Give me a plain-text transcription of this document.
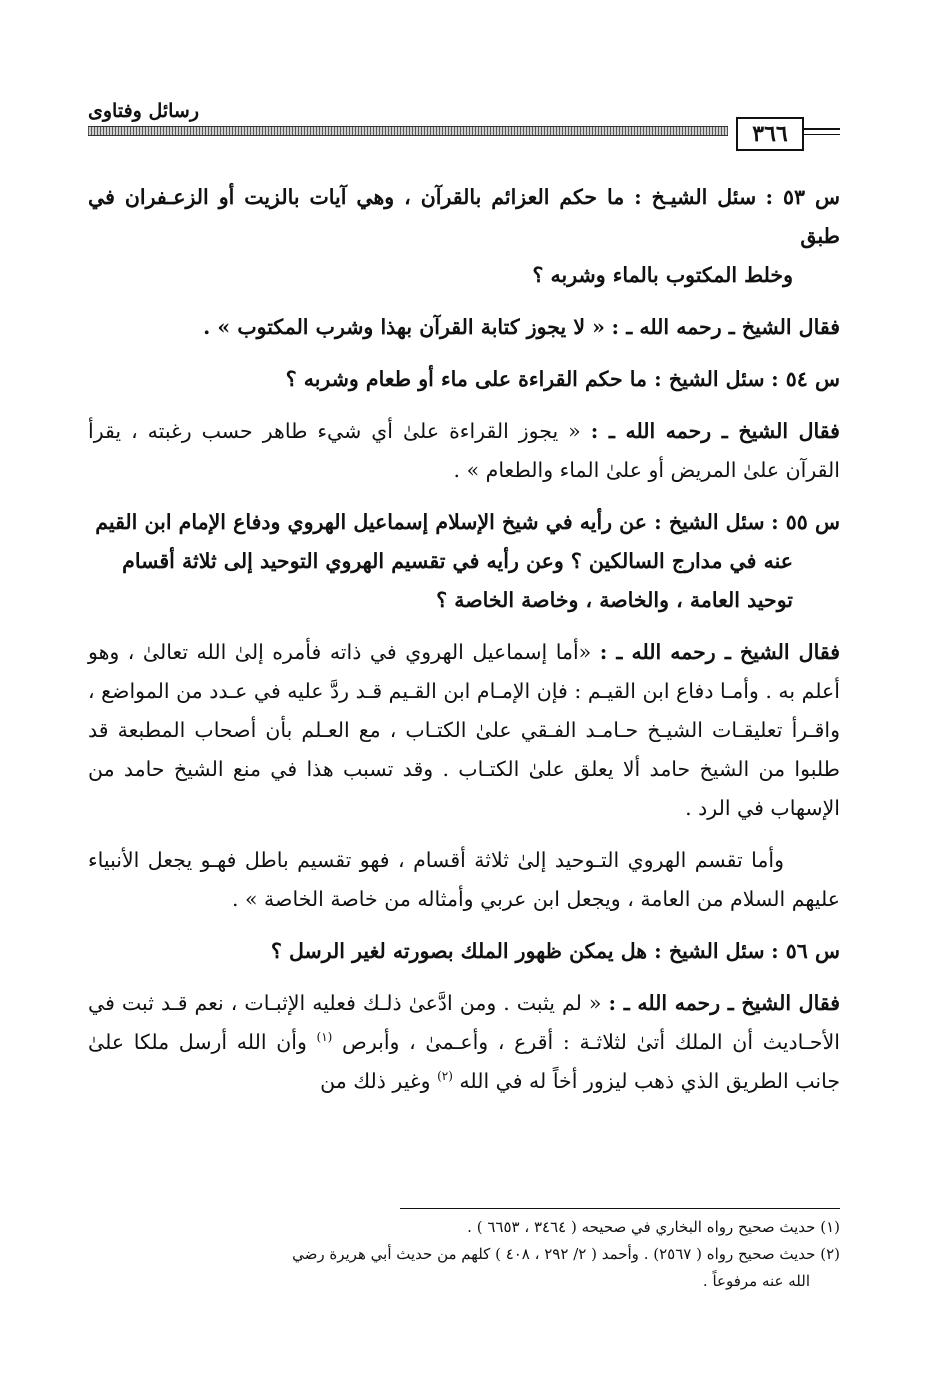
رسائل وفتاوى
٣٦٦

س ٥٣ : سئل الشيـخ : ما حكم العزائم بالقرآن ، وهي آيات بالزيت أو الزعـفران في طبق
وخلط المكتوب بالماء وشربه ؟

فقال الشيخ ـ رحمه الله ـ : « لا يجوز كتابة القرآن بهذا وشرب المكتوب » .

س ٥٤ : سئل الشيخ : ما حكم القراءة على ماء أو طعام وشربه ؟

فقال الشيخ ـ رحمه الله ـ : « يجوز القراءة علىٰ أي شيء طاهر حسب رغبته ، يقرأ القرآن علىٰ المريض أو علىٰ الماء والطعام » .

س ٥٥ : سئل الشيخ : عن رأيه في شيخ الإسلام إسماعيل الهروي ودفاع الإمام ابن القيم
عنه في مدارج السالكين ؟ وعن رأيه في تقسيم الهروي التوحيد إلى ثلاثة أقسام
توحيد العامة ، والخاصة ، وخاصة الخاصة ؟

فقال الشيخ ـ رحمه الله ـ : «أما إسماعيل الهروي في ذاته فأمره إلىٰ الله تعالىٰ ، وهو أعلم به . وأمـا دفاع ابن القيـم : فإن الإمـام ابن القـيم قـد ردَّ عليه في عـدد من المواضع ، واقـرأ تعليقـات الشيـخ حـامـد الفـقي علىٰ الكتـاب ، مع العـلم بأن أصحاب المطبعة قد طلبوا من الشيخ حامد ألا يعلق علىٰ الكتـاب . وقد تسبب هذا في منع الشيخ حامد من الإسهاب في الرد .

وأما تقسم الهروي التـوحيد إلىٰ ثلاثة أقسام ، فهو تقسيم باطل فهـو يجعل الأنبياء عليهم السلام من العامة ، ويجعل ابن عربي وأمثاله من خاصة الخاصة » .

س ٥٦ : سئل الشيخ : هل يمكن ظهور الملك بصورته لغير الرسل ؟

فقال الشيخ ـ رحمه الله ـ : « لم يثبت . ومن ادَّعىٰ ذلـك فعليه الإثبـات ، نعم قـد ثبت في الأحـاديث أن الملك أتىٰ لثلاثـة : أقرع ، وأعـمىٰ ، وأبرص $^{(١)}$ وأن الله أرسل ملكا علىٰ جانب الطريق الذي ذهب ليزور أخاً له في الله $^{(٢)}$ وغير ذلك من

(١) حديث صحيح رواه البخاري في صحيحه ( ٣٤٦٤ ، ٦٦٥٣ ) .

(٢) حديث صحيح رواه ( ٢٥٦٧) . وأحمد ( ٢/ ٢٩٢ ، ٤٠٨ ) كلهم من حديث أبي هريرة رضي
الله عنه مرفوعاً .
